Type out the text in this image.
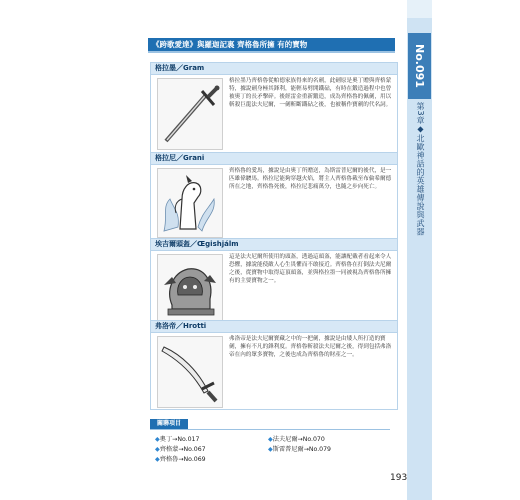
No.091
第3章◆北歐神話的英雄傳說與武器
《跨歌愛達》與羅迦記裏 齊格魯所擁 有的寶物
格拉墨／Gram
格拉墨乃齊格魯從帕德家族得來的名劍，此劍原是奧丁贈與齊格蒙特，據說劍身極其鋒利，能輕易劈開鐵砧，有時在鍛造過程中也曾被奧丁的長矛擊碎。後經雷金重新鍛造，成為齊格魯的佩劍，用以斬殺巨龍法夫尼爾，一劍斬斷鐵砧之後，也被稱作寶劍的代名詞。
格拉尼／Grani
齊格魯的愛馬，據說是由奧丁所贈送，為斯雷普尼爾的後代，是一匹雄偉駿馬。格拉尼能夠穿越火焰，將主人齊格魯載至布倫希爾德所在之地，齊格魯死後，格拉尼悲痛萬分，也隨之步向死亡。
埃吉爾頭盔／Œgishjálm
這是法夫尼爾所使用的頭盔，透過這頭盔，能讓配戴者看起來令人恐懼，據說能使敵人心生畏懼而不敢接近。齊格魯在打倒法夫尼爾之後，從寶物中取得這頂頭盔，並與格拉墨一同被視為齊格魯所擁有的主要寶物之一。
弗洛帝／Hrotti
弗洛帝是法夫尼爾寶藏之中的一把劍，據說是由矮人所打造的寶劍，擁有不凡的鋒利度。齊格魯斬殺法夫尼爾之後，得到包括弗洛帝在內的眾多寶物，之後也成為齊格魯的財產之一。
關聯項目
◆奧丁→No.017	◆法夫尼爾→No.070
◆齊格蒙→No.067	◆斯雷普尼爾→No.079
◆齊格魯→No.069
193
